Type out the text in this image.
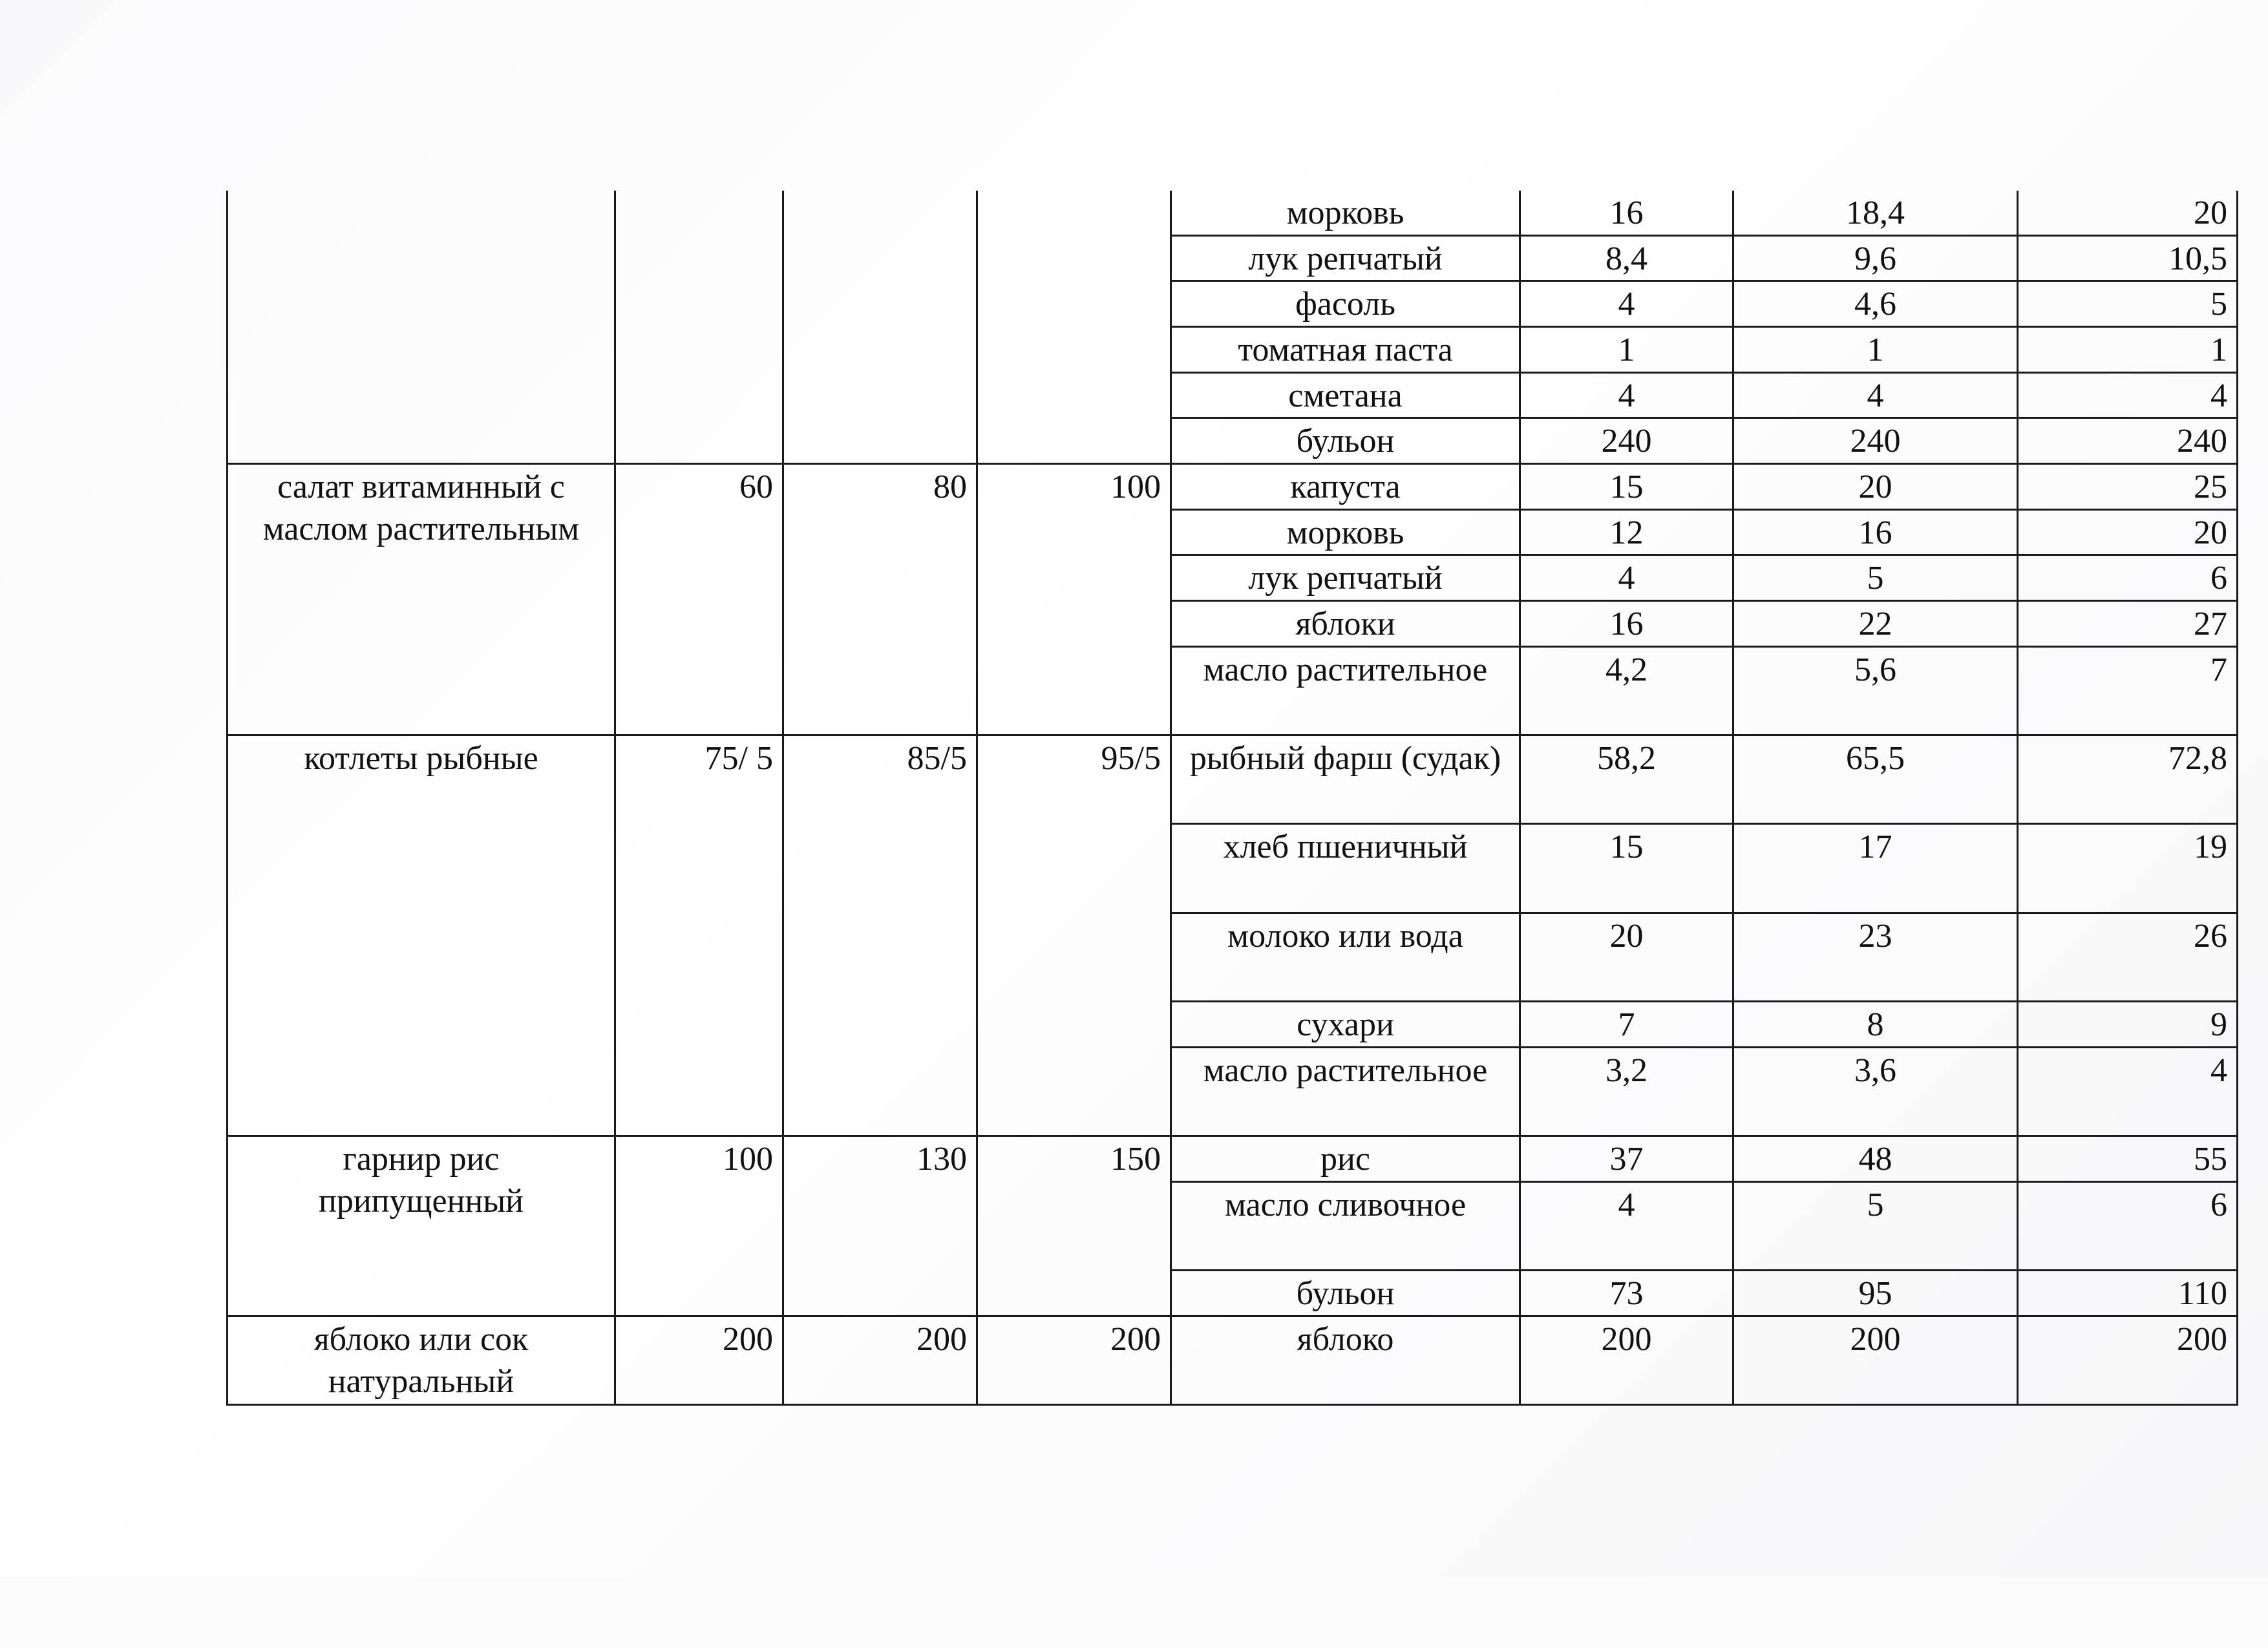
				морковь	16	18,4	20
				лук репчатый	8,4	9,6	10,5
				фасоль	4	4,6	5
				томатная паста	1	1	1
				сметана	4	4	4
				бульон	240	240	240
салат витаминный с маслом растительным	60	80	100	капуста	15	20	25
				морковь	12	16	20
				лук репчатый	4	5	6
				яблоки	16	22	27
				масло растительное	4,2	5,6	7
котлеты рыбные	75/ 5	85/5	95/5	рыбный фарш (судак)	58,2	65,5	72,8
				хлеб пшеничный	15	17	19
				молоко или вода	20	23	26
				сухари	7	8	9
				масло растительное	3,2	3,6	4
гарнир рис припущенный	100	130	150	рис	37	48	55
				масло сливочное	4	5	6
				бульон	73	95	110
яблоко или сок натуральный	200	200	200	яблоко	200	200	200
